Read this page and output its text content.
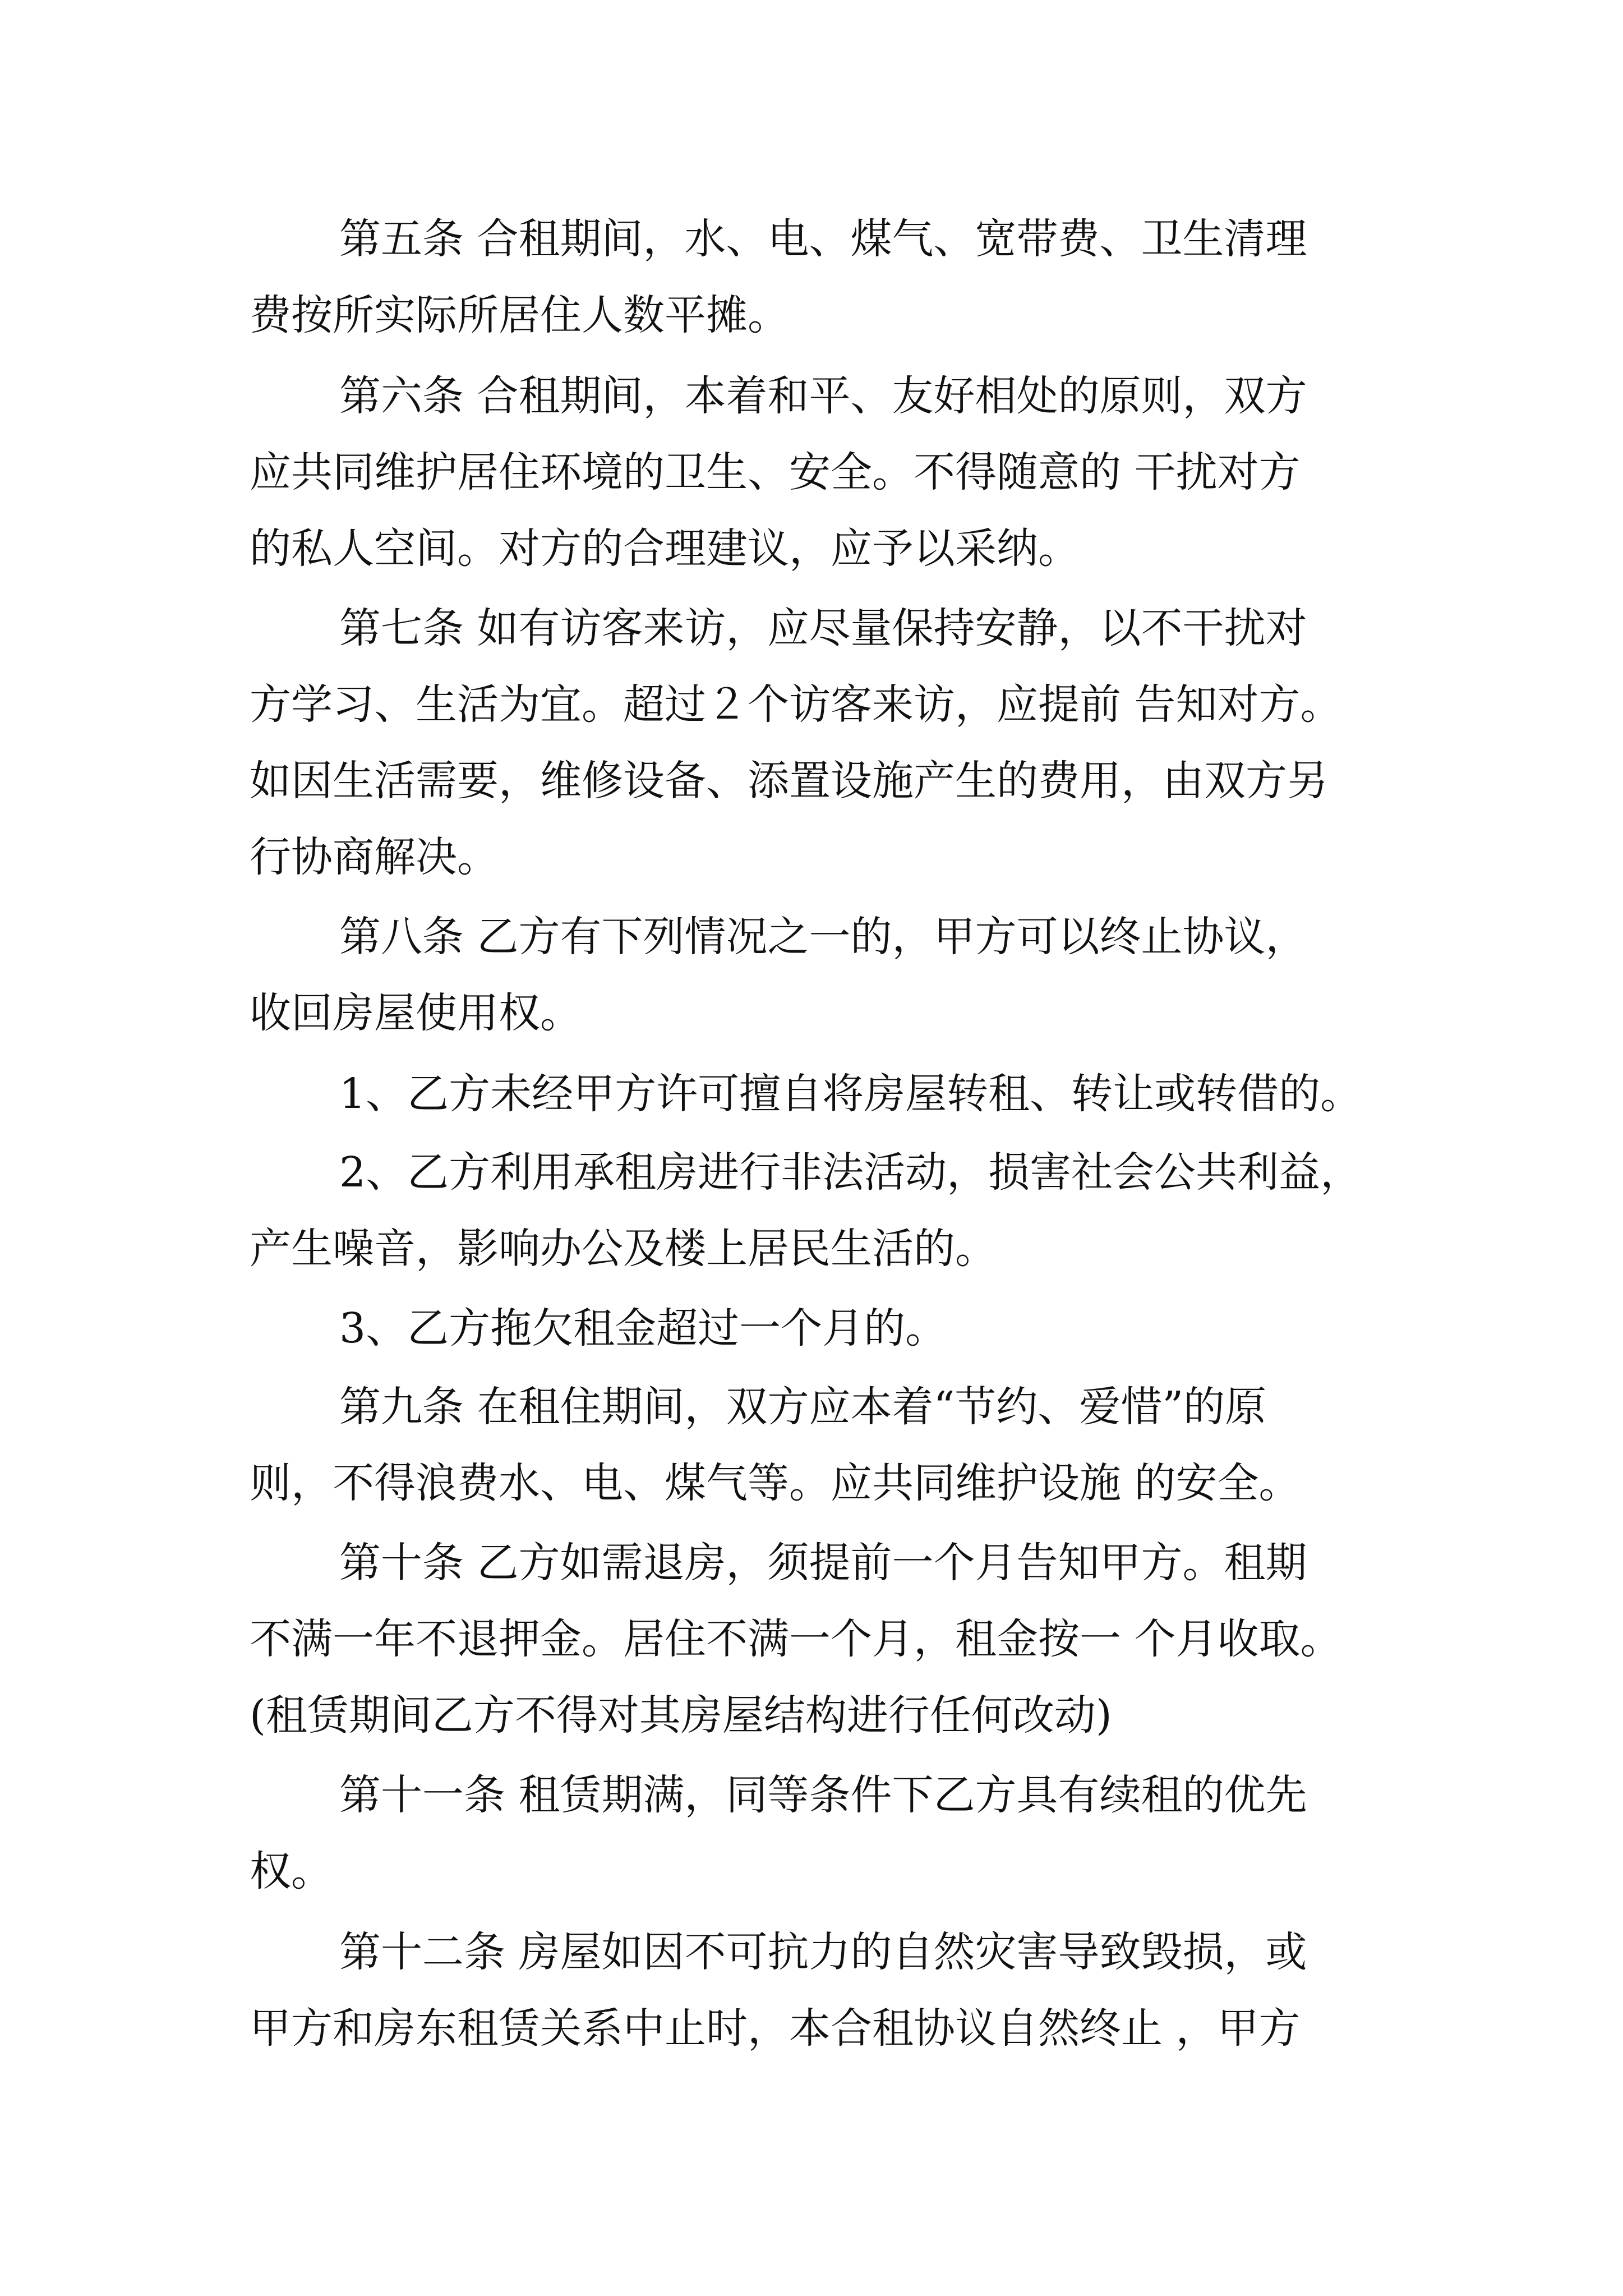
第五条 合租期间，水、电、煤气、宽带费、卫生清理

费按所实际所居住人数平摊。

第六条 合租期间，本着和平、友好相处的原则，双方

应共同维护居住环境的卫生、安全。不得随意的 干扰对方

的私人空间。对方的合理建议，应予以采纳。

第七条 如有访客来访，应尽量保持安静，以不干扰对

方学习、生活为宜。超过２个访客来访，应提前 告知对方。

如因生活需要，维修设备、添置设施产生的费用，由双方另

行协商解决。

第八条 乙方有下列情况之一的，甲方可以终止协议，

收回房屋使用权。

1、乙方未经甲方许可擅自将房屋转租、转让或转借的。

2、乙方利用承租房进行非法活动，损害社会公共利益，

产生噪音，影响办公及楼上居民生活的。

3、乙方拖欠租金超过一个月的。

第九条 在租住期间，双方应本着“节约、爱惜”的原

则，不得浪费水、电、煤气等。应共同维护设施 的安全。

第十条 乙方如需退房，须提前一个月告知甲方。租期

不满一年不退押金。居住不满一个月，租金按一 个月收取。

(租赁期间乙方不得对其房屋结构进行任何改动)

第十一条 租赁期满，同等条件下乙方具有续租的优先

权。

第十二条 房屋如因不可抗力的自然灾害导致毁损，或

甲方和房东租赁关系中止时，本合租协议自然终止 ，甲方
